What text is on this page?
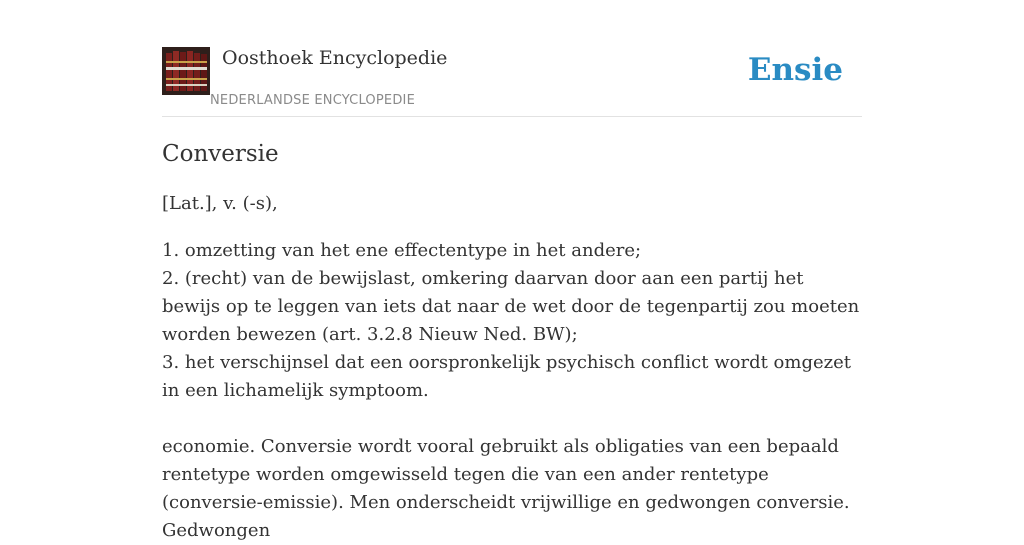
Oosthoek Encyclopedie
NEDERLANDSE ENCYCLOPEDIE
Ensie
Conversie

[Lat.], v. (-s),

1. omzetting van het ene effectentype in het andere;
2. (recht) van de bewijslast, omkering daarvan door aan een partij het bewijs op te leggen van iets dat naar de wet door de tegenpartij zou moeten worden bewezen (art. 3.2.8 Nieuw Ned. BW);
3. het verschijnsel dat een oorspronkelijk psychisch conflict wordt omgezet in een lichamelijk symptoom.

economie. Conversie wordt vooral gebruikt als obligaties van een bepaald rentetype worden omgewisseld tegen die van een ander rentetype (conversie-emissie). Men onderscheidt vrijwillige en gedwongen conversie. Gedwongen
